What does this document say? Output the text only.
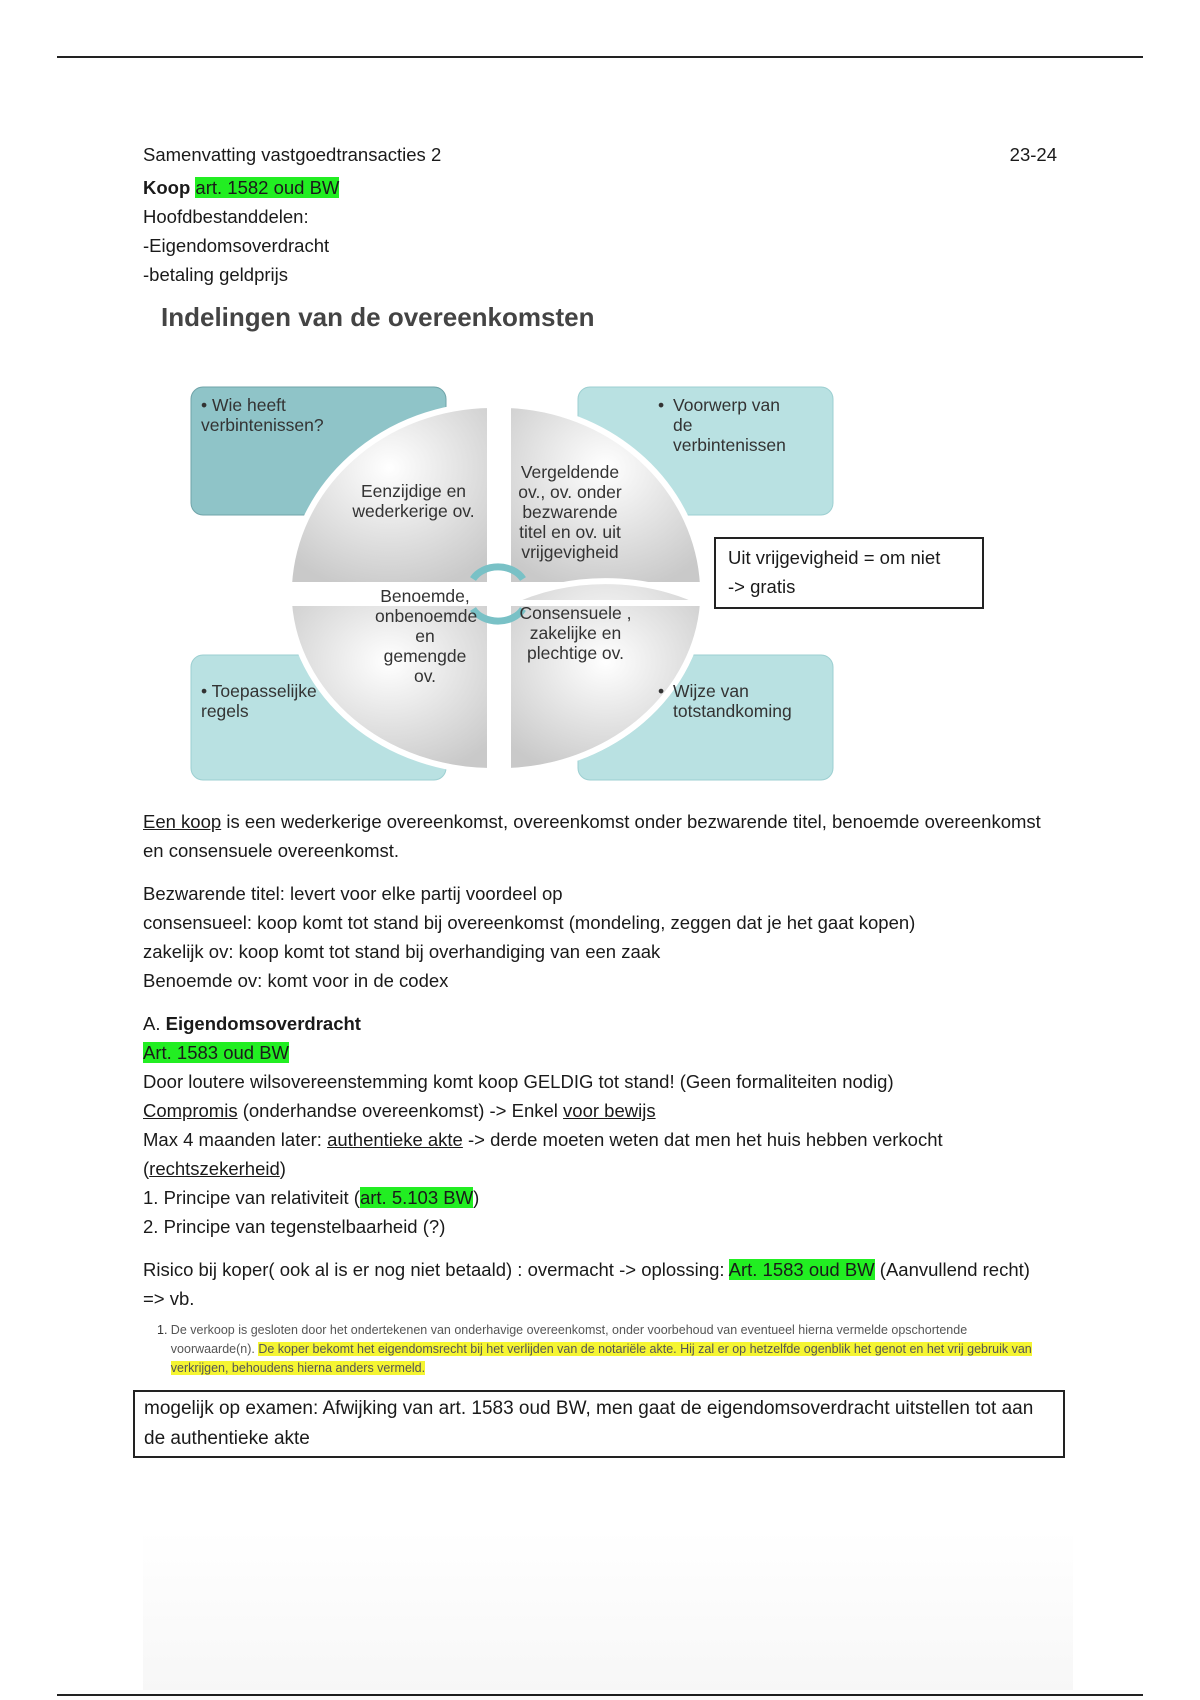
Samenvatting vastgoedtransacties 2	23-24
Koop art. 1582 oud BW
Hoofdbestanddelen:
-Eigendomsoverdracht
-betaling geldprijs
Indelingen van de overeenkomsten
• Wie heeft verbintenissen?
• Voorwerp van de verbintenissen
• Toepasselijke regels
• Wijze van totstandkoming
Eenzijdige en wederkerige ov.
Vergeldende ov., ov. onder bezwarende titel en ov. uit vrijgevigheid
Benoemde, onbenoemde en gemengde ov.
Consensuele , zakelijke en plechtige ov.
Uit vrijgevigheid = om niet
-> gratis
Een koop is een wederkerige overeenkomst, overeenkomst onder bezwarende titel, benoemde overeenkomst en consensuele overeenkomst.
Bezwarende titel: levert voor elke partij voordeel op
consensueel: koop komt tot stand bij overeenkomst (mondeling, zeggen dat je het gaat kopen)
zakelijk ov: koop komt tot stand bij overhandiging van een zaak
Benoemde ov: komt voor in de codex
A. Eigendomsoverdracht
Art. 1583 oud BW
Door loutere wilsovereenstemming komt koop GELDIG tot stand! (Geen formaliteiten nodig)
Compromis (onderhandse overeenkomst) -> Enkel voor bewijs
Max 4 maanden later: authentieke akte -> derde moeten weten dat men het huis hebben verkocht
(rechtszekerheid)
1. Principe van relativiteit (art. 5.103 BW)
2. Principe van tegenstelbaarheid (?)
Risico bij koper( ook al is er nog niet betaald) : overmacht -> oplossing: Art. 1583 oud BW (Aanvullend recht)
=> vb.
1. De verkoop is gesloten door het ondertekenen van onderhavige overeenkomst, onder voorbehoud van eventueel hierna vermelde opschortende voorwaarde(n). De koper bekomt het eigendomsrecht bij het verlijden van de notariële akte. Hij zal er op hetzelfde ogenblik het genot en het vrij gebruik van verkrijgen, behoudens hierna anders vermeld.
mogelijk op examen: Afwijking van art. 1583 oud BW, men gaat de eigendomsoverdracht uitstellen tot aan de authentieke akte
